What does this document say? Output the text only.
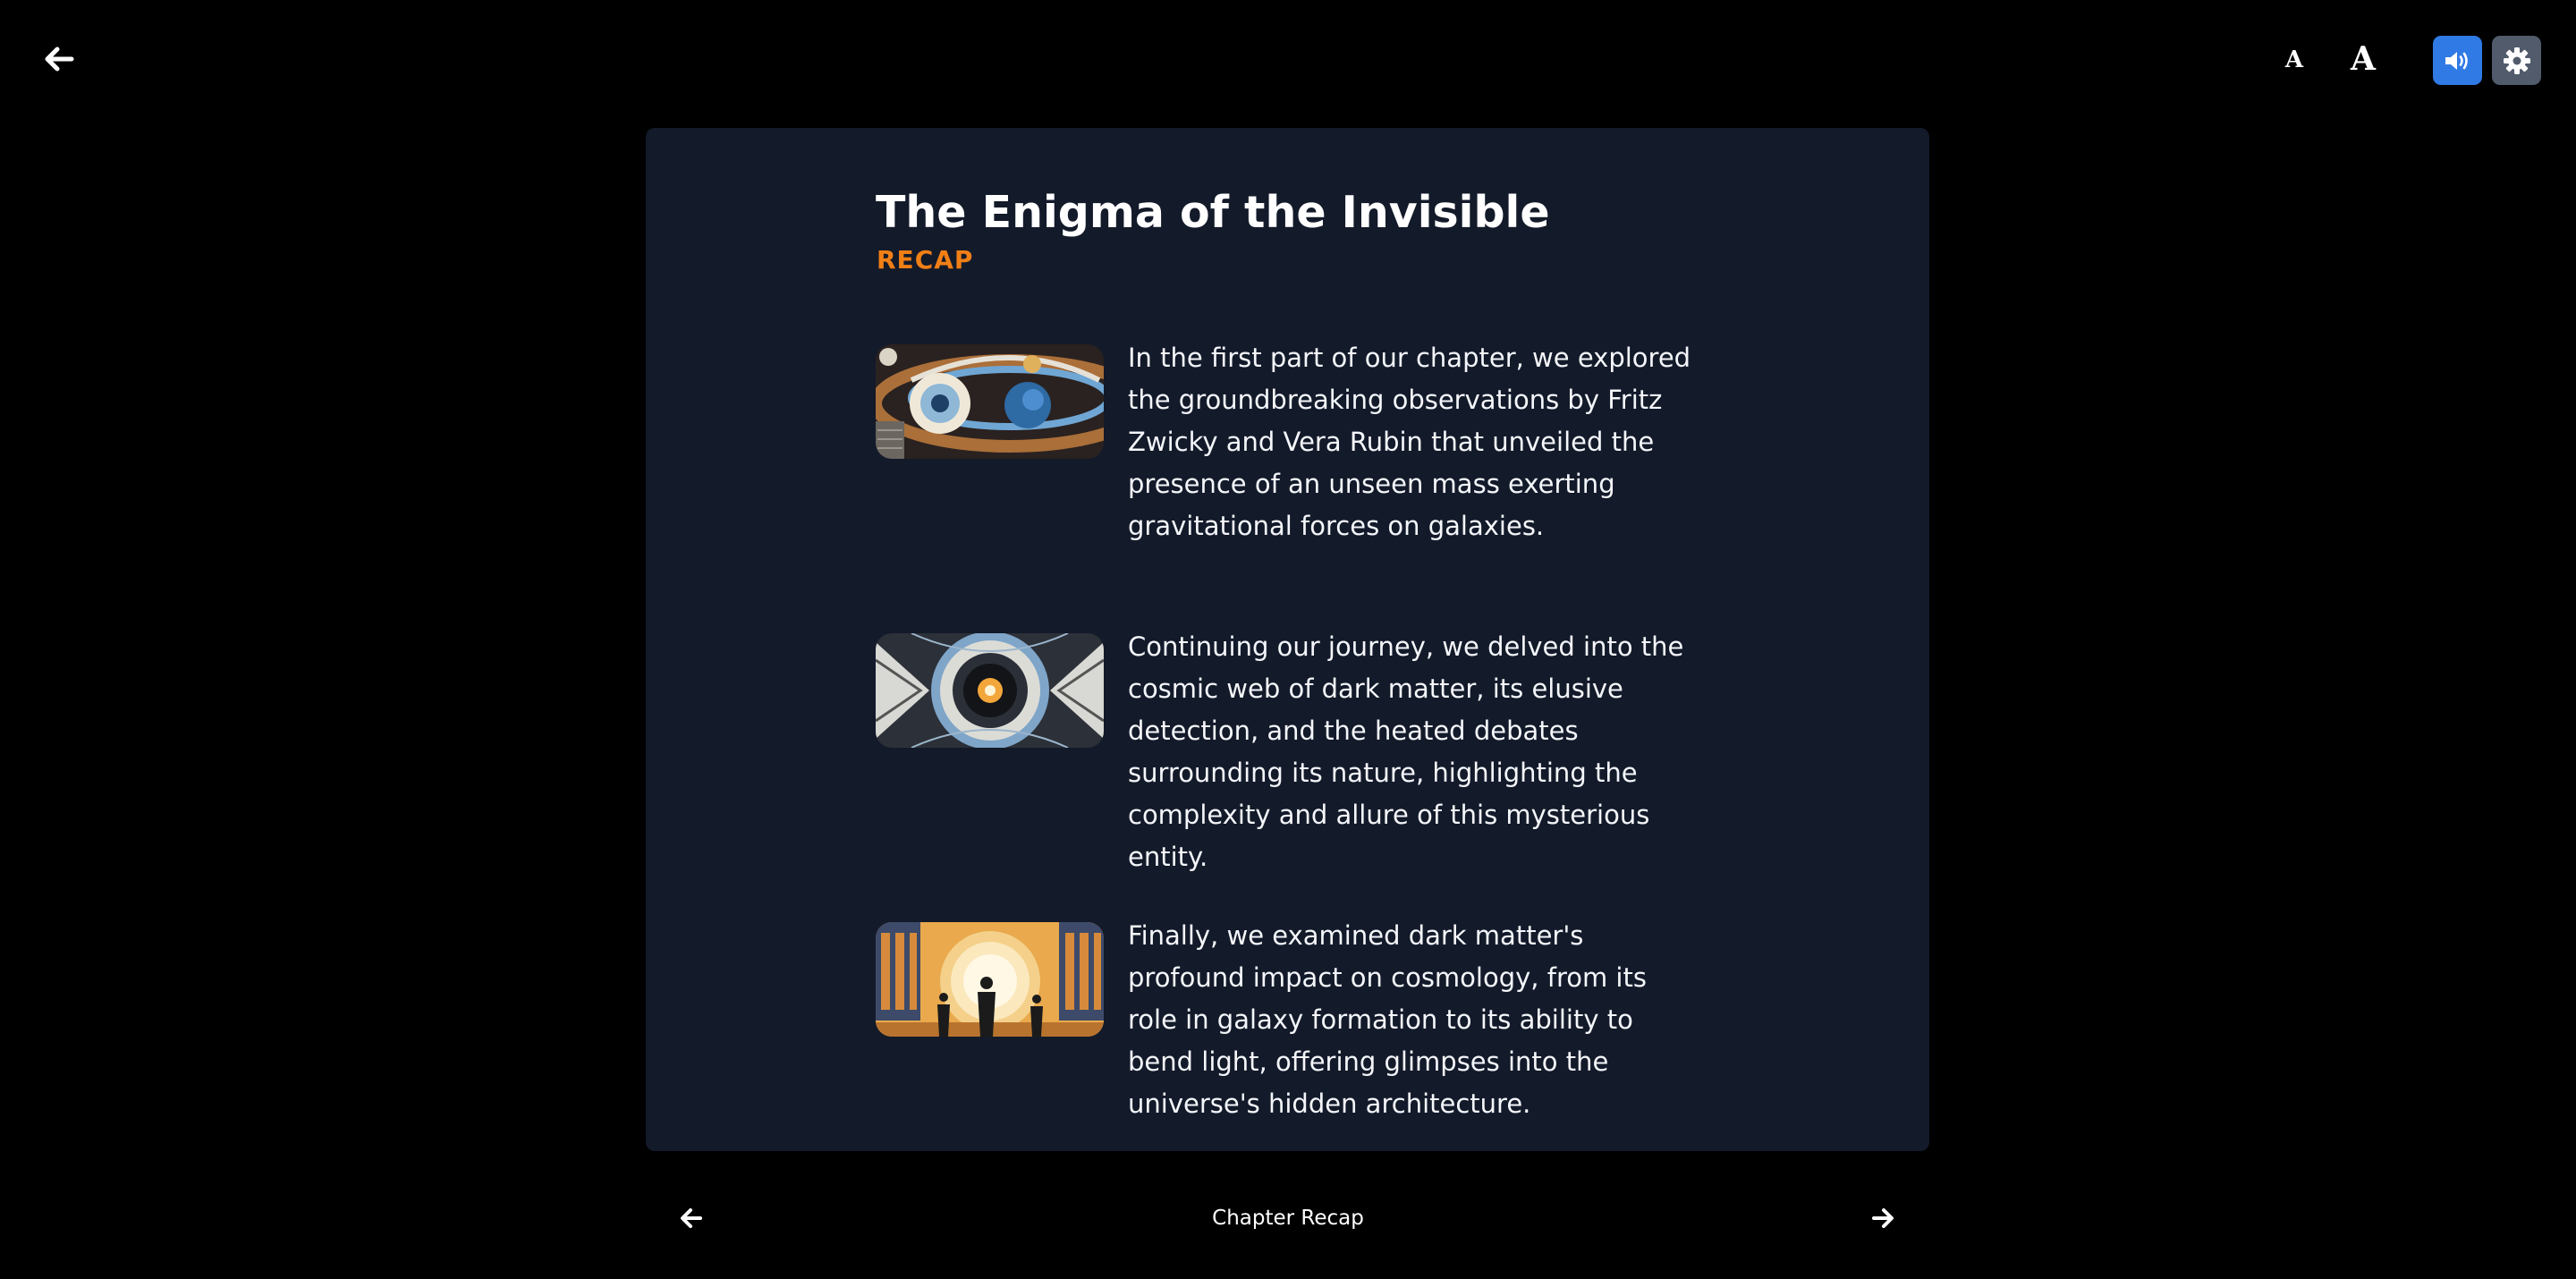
A A
The Enigma of the Invisible
RECAP
In the first part of our chapter, we explored the groundbreaking observations by Fritz Zwicky and Vera Rubin that unveiled the presence of an unseen mass exerting gravitational forces on galaxies.
Continuing our journey, we delved into the cosmic web of dark matter, its elusive detection, and the heated debates surrounding its nature, highlighting the complexity and allure of this mysterious entity.
Finally, we examined dark matter's profound impact on cosmology, from its role in galaxy formation to its ability to bend light, offering glimpses into the universe's hidden architecture.
Chapter Recap
